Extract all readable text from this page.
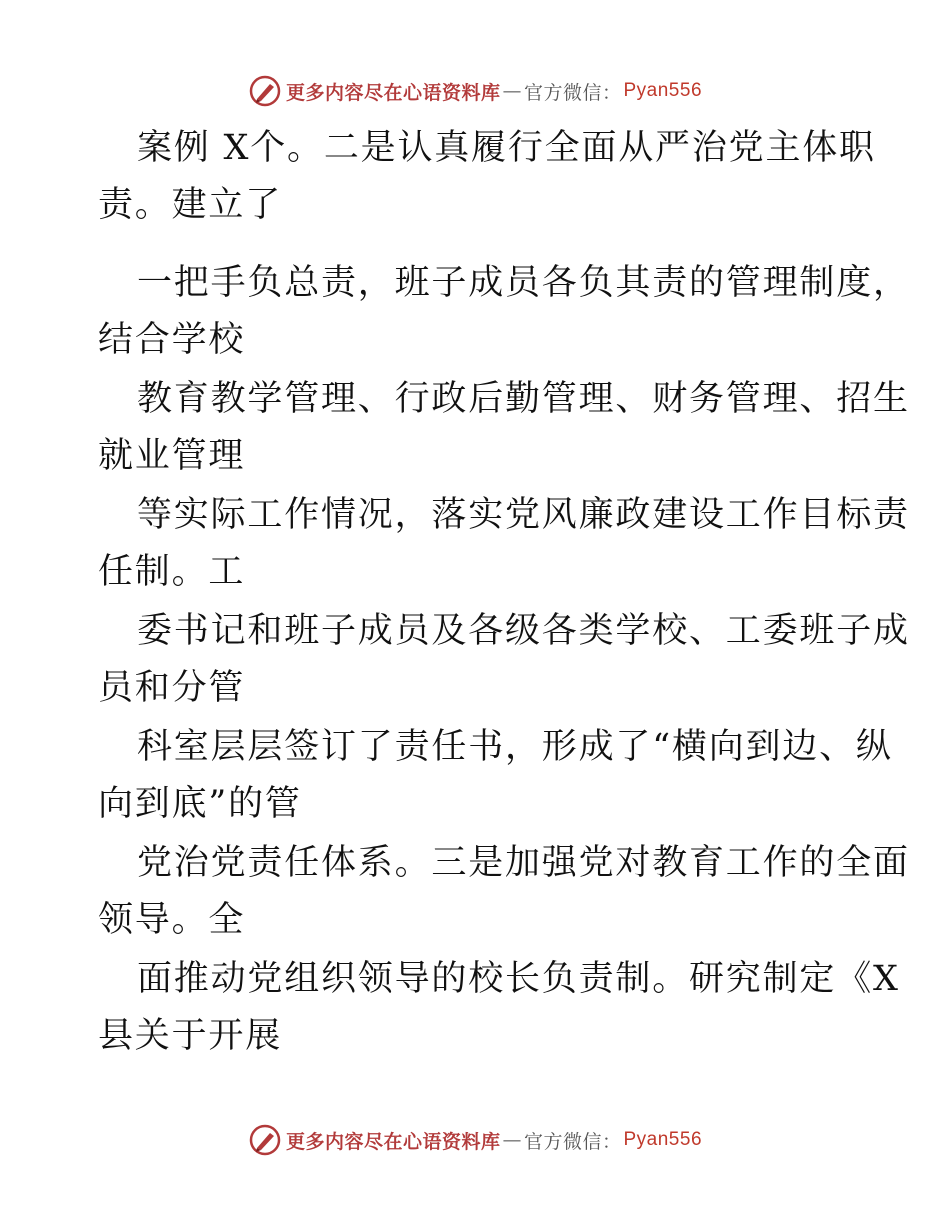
更多内容尽在心语资料库 — 官方微信： Pyan556
案例 X个。二是认真履行全面从严治党主体职
责。建立了
一把手负总责，班子成员各负其责的管理制度，
结合学校
教育教学管理、行政后勤管理、财务管理、招生
就业管理
等实际工作情况，落实党风廉政建设工作目标责
任制。工
委书记和班子成员及各级各类学校、工委班子成
员和分管
科室层层签订了责任书，形成了“横向到边、纵
向到底”的管
党治党责任体系。三是加强党对教育工作的全面
领导。全
面推动党组织领导的校长负责制。研究制定《X
县关于开展
更多内容尽在心语资料库 — 官方微信： Pyan556
